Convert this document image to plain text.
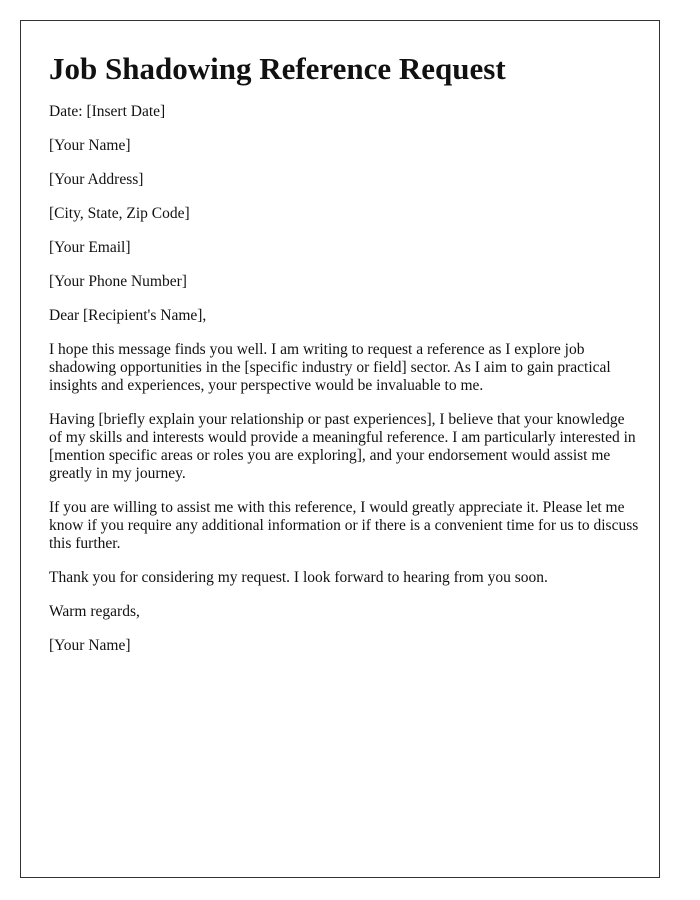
Job Shadowing Reference Request

Date: [Insert Date]

[Your Name]

[Your Address]

[City, State, Zip Code]

[Your Email]

[Your Phone Number]

Dear [Recipient's Name],

I hope this message finds you well. I am writing to request a reference as I explore job shadowing opportunities in the [specific industry or field] sector. As I aim to gain practical insights and experiences, your perspective would be invaluable to me.

Having [briefly explain your relationship or past experiences], I believe that your knowledge of my skills and interests would provide a meaningful reference. I am particularly interested in [mention specific areas or roles you are exploring], and your endorsement would assist me greatly in my journey.

If you are willing to assist me with this reference, I would greatly appreciate it. Please let me know if you require any additional information or if there is a convenient time for us to discuss this further.

Thank you for considering my request. I look forward to hearing from you soon.

Warm regards,

[Your Name]
